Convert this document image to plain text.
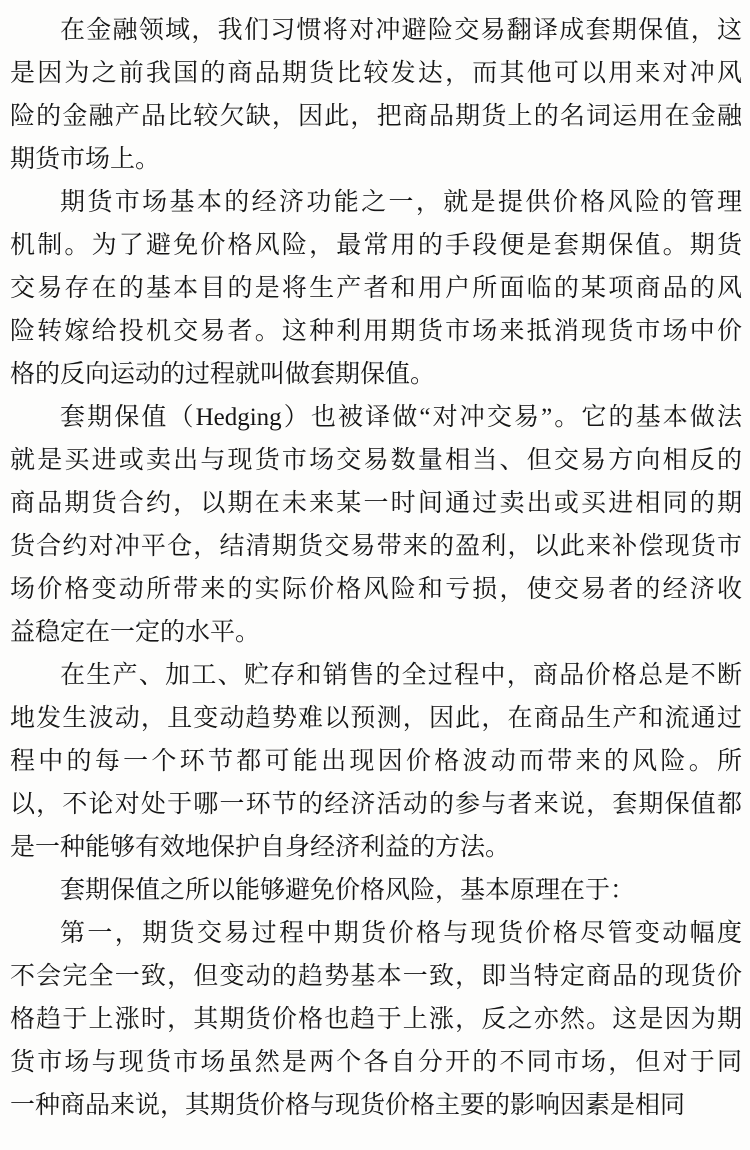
在金融领域，我们习惯将对冲避险交易翻译成套期保值，这
是因为之前我国的商品期货比较发达，而其他可以用来对冲风
险的金融产品比较欠缺，因此，把商品期货上的名词运用在金融
期货市场上。

期货市场基本的经济功能之一，就是提供价格风险的管理
机制。为了避免价格风险，最常用的手段便是套期保值。期货
交易存在的基本目的是将生产者和用户所面临的某项商品的风
险转嫁给投机交易者。这种利用期货市场来抵消现货市场中价
格的反向运动的过程就叫做套期保值。

套期保值（Hedging）也被译做“对冲交易”。它的基本做法
就是买进或卖出与现货市场交易数量相当、但交易方向相反的
商品期货合约，以期在未来某一时间通过卖出或买进相同的期
货合约对冲平仓，结清期货交易带来的盈利，以此来补偿现货市
场价格变动所带来的实际价格风险和亏损，使交易者的经济收
益稳定在一定的水平。

在生产、加工、贮存和销售的全过程中，商品价格总是不断
地发生波动，且变动趋势难以预测，因此，在商品生产和流通过
程中的每一个环节都可能出现因价格波动而带来的风险。所
以，不论对处于哪一环节的经济活动的参与者来说，套期保值都
是一种能够有效地保护自身经济利益的方法。

套期保值之所以能够避免价格风险，基本原理在于：

第一，期货交易过程中期货价格与现货价格尽管变动幅度
不会完全一致，但变动的趋势基本一致，即当特定商品的现货价
格趋于上涨时，其期货价格也趋于上涨，反之亦然。这是因为期
货市场与现货市场虽然是两个各自分开的不同市场，但对于同
一种商品来说，其期货价格与现货价格主要的影响因素是相同
